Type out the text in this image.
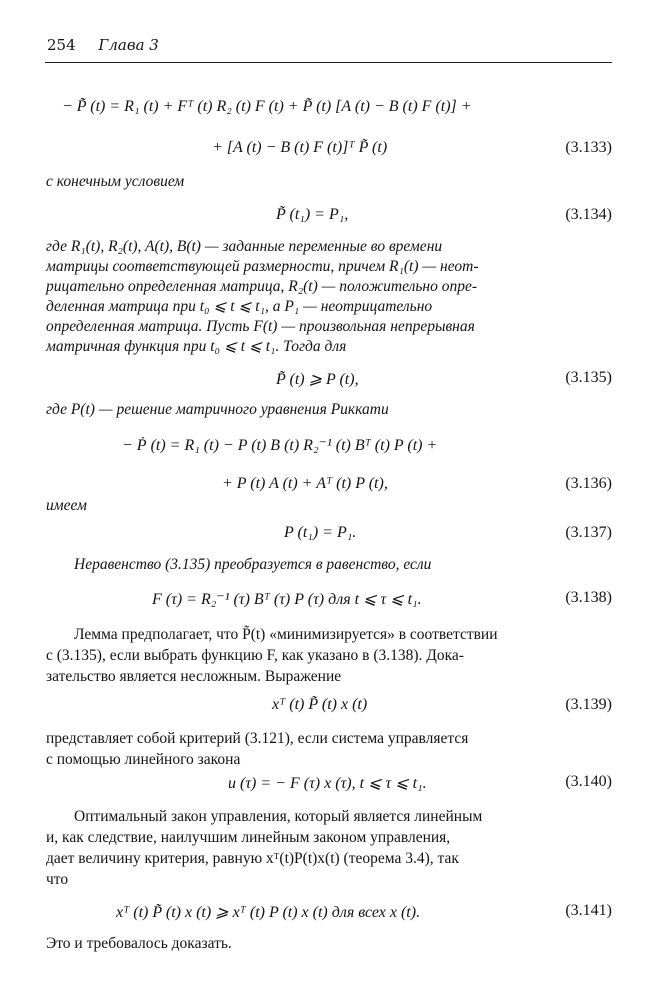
254 Глава 3
− P̃̇ (t) = R₁ (t) + Fᵀ (t) R₂ (t) F (t) + P̃ (t) [A (t) − B (t) F (t)] +
+ [A (t) − B (t) F (t)]ᵀ P̃ (t)	(3.133)
с конечным условием
P̃ (t₁) = P₁,	(3.134)
где R₁(t), R₂(t), A(t), B(t) — заданные переменные во времени
матрицы соответствующей размерности, причем R₁(t) — неот-
рицательно определенная матрица, R₂(t) — положительно опре-
деленная матрица при t₀ ⩽ t ⩽ t₁, а P₁ — неотрицательно
определенная матрица. Пусть F(t) — произвольная непрерывная
матричная функция при t₀ ⩽ t ⩽ t₁. Тогда для
P̃ (t) ⩾ P (t),	(3.135)
где P(t) — решение матричного уравнения Риккати
− Ṗ (t) = R₁ (t) − P (t) B (t) R₂⁻¹ (t) Bᵀ (t) P (t) +
+ P (t) A (t) + Aᵀ (t) P (t),	(3.136)
имеем
P (t₁) = P₁.	(3.137)
Неравенство (3.135) преобразуется в равенство, если
F (τ) = R₂⁻¹ (τ) Bᵀ (τ) P (τ) для t ⩽ τ ⩽ t₁.	(3.138)
Лемма предполагает, что P̃(t) «минимизируется» в соответствии
с (3.135), если выбрать функцию F, как указано в (3.138). Дока-
зательство является несложным. Выражение
xᵀ (t) P̃ (t) x (t)	(3.139)
представляет собой критерий (3.121), если система управляется
с помощью линейного закона
u (τ) = − F (τ) x (τ), t ⩽ τ ⩽ t₁.	(3.140)
Оптимальный закон управления, который является линейным
и, как следствие, наилучшим линейным законом управления,
дает величину критерия, равную xᵀ(t)P(t)x(t) (теорема 3.4), так
что
xᵀ (t) P̃ (t) x (t) ⩾ xᵀ (t) P (t) x (t) для всех x (t).	(3.141)
Это и требовалось доказать.
